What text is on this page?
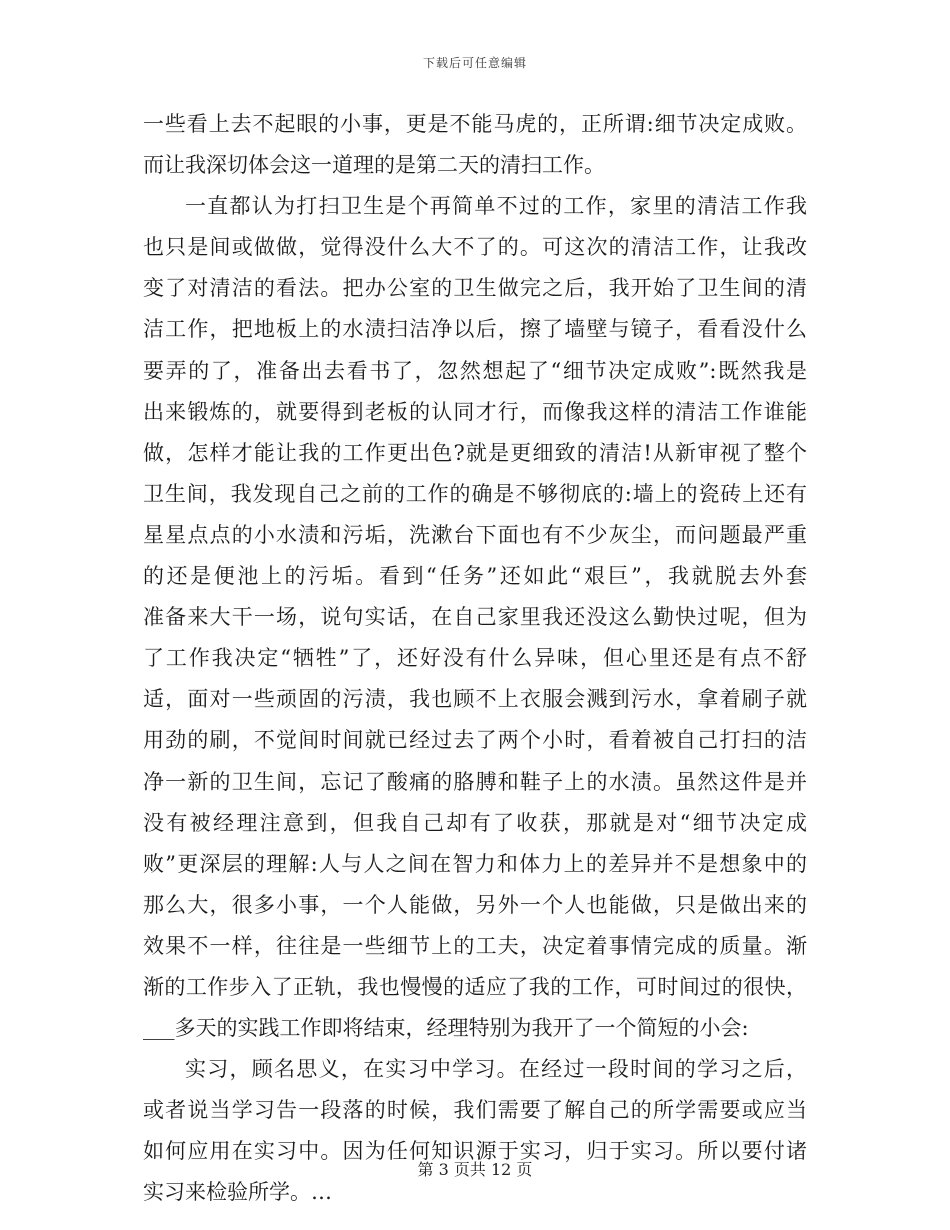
下载后可任意编辑
一些看上去不起眼的小事，更是不能马虎的，正所谓:细节决定成败。
而让我深切体会这一道理的是第二天的清扫工作。
一直都认为打扫卫生是个再简单不过的工作，家里的清洁工作我
也只是间或做做，觉得没什么大不了的。可这次的清洁工作，让我改
变了对清洁的看法。把办公室的卫生做完之后，我开始了卫生间的清
洁工作，把地板上的水渍扫洁净以后，擦了墙壁与镜子，看看没什么
要弄的了，准备出去看书了，忽然想起了“细节决定成败”:既然我是
出来锻炼的，就要得到老板的认同才行，而像我这样的清洁工作谁能
做，怎样才能让我的工作更出色?就是更细致的清洁!从新审视了整个
卫生间，我发现自己之前的工作的确是不够彻底的:墙上的瓷砖上还有
星星点点的小水渍和污垢，洗漱台下面也有不少灰尘，而问题最严重
的还是便池上的污垢。看到“任务”还如此“艰巨”，我就脱去外套
准备来大干一场，说句实话，在自己家里我还没这么勤快过呢，但为
了工作我决定“牺牲”了，还好没有什么异味，但心里还是有点不舒
适，面对一些顽固的污渍，我也顾不上衣服会溅到污水，拿着刷子就
用劲的刷，不觉间时间就已经过去了两个小时，看着被自己打扫的洁
净一新的卫生间，忘记了酸痛的胳膊和鞋子上的水渍。虽然这件是并
没有被经理注意到，但我自己却有了收获，那就是对“细节决定成
败”更深层的理解:人与人之间在智力和体力上的差异并不是想象中的
那么大，很多小事，一个人能做，另外一个人也能做，只是做出来的
效果不一样，往往是一些细节上的工夫，决定着事情完成的质量。渐
渐的工作步入了正轨，我也慢慢的适应了我的工作，可时间过的很快，
___多天的实践工作即将结束，经理特别为我开了一个简短的小会:
实习，顾名思义，在实习中学习。在经过一段时间的学习之后，
或者说当学习告一段落的时候，我们需要了解自己的所学需要或应当
如何应用在实习中。因为任何知识源于实习，归于实习。所以要付诸
实习来检验所学。…
第 3 页共 12 页
